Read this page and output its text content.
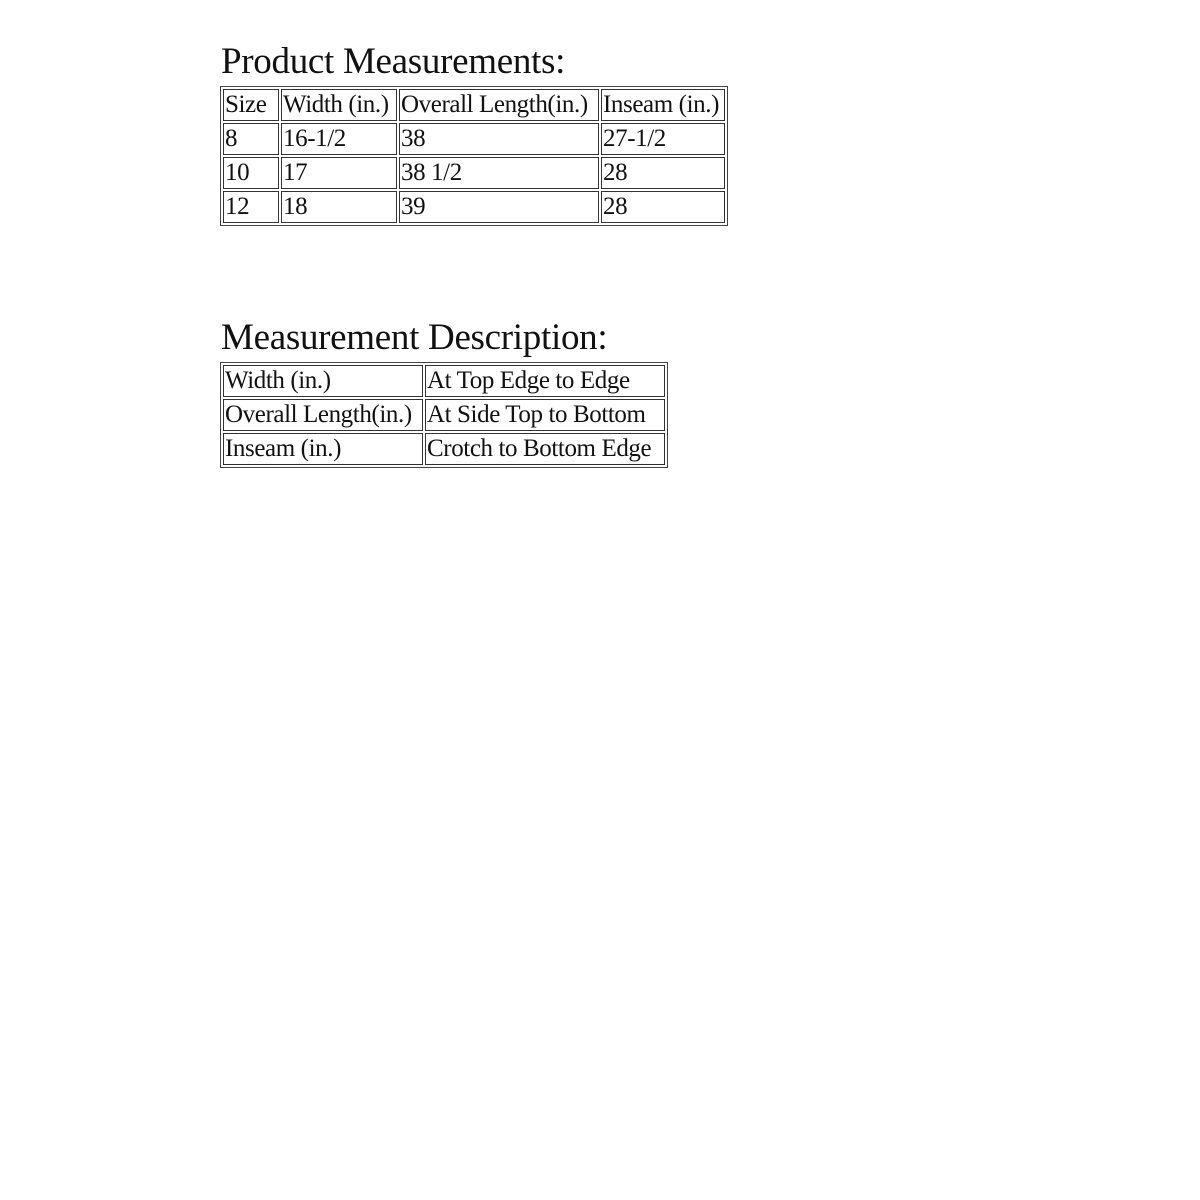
Product Measurements:
Size	Width (in.)	Overall Length(in.)	Inseam (in.)
8	16-1/2	38	27-1/2
10	17	38 1/2	28
12	18	39	28
Measurement Description:
Width (in.)	At Top Edge to Edge
Overall Length(in.)	At Side Top to Bottom
Inseam (in.)	Crotch to Bottom Edge
